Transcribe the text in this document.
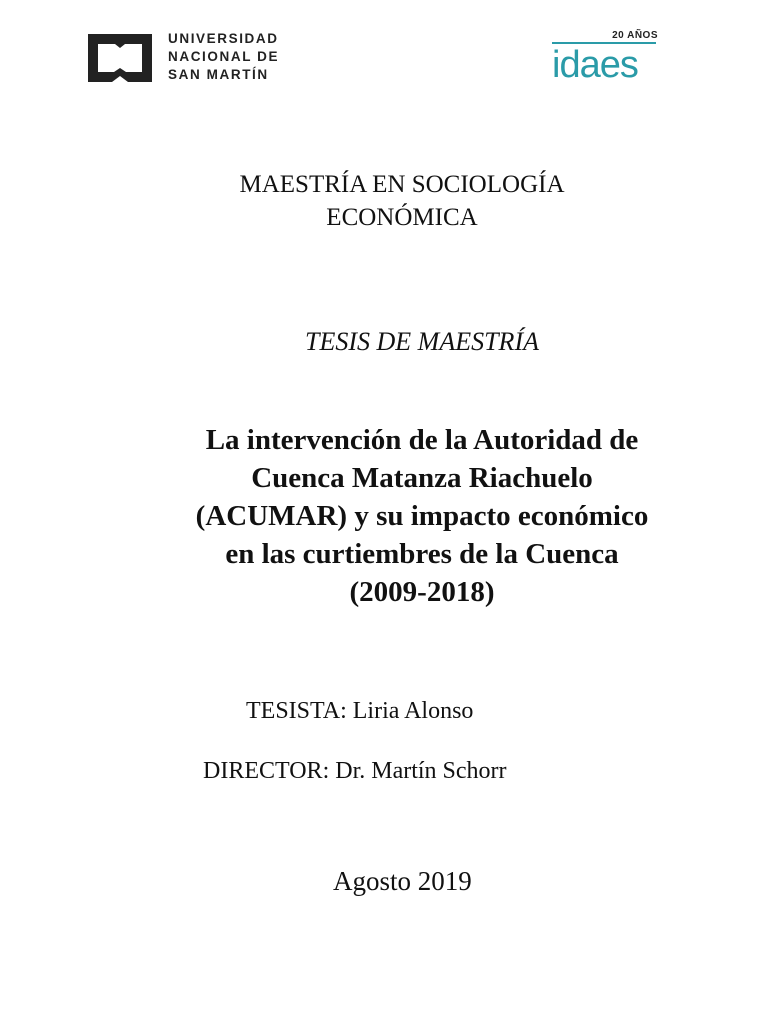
UNIVERSIDAD
NACIONAL DE
SAN MARTÍN
20 AÑOS
idaes
MAESTRÍA EN SOCIOLOGÍA
ECONÓMICA
TESIS DE MAESTRÍA
La intervención de la Autoridad de
Cuenca Matanza Riachuelo
(ACUMAR) y su impacto económico
en las curtiembres de la Cuenca
(2009-2018)
TESISTA: Liria Alonso
DIRECTOR: Dr. Martín Schorr
Agosto 2019
